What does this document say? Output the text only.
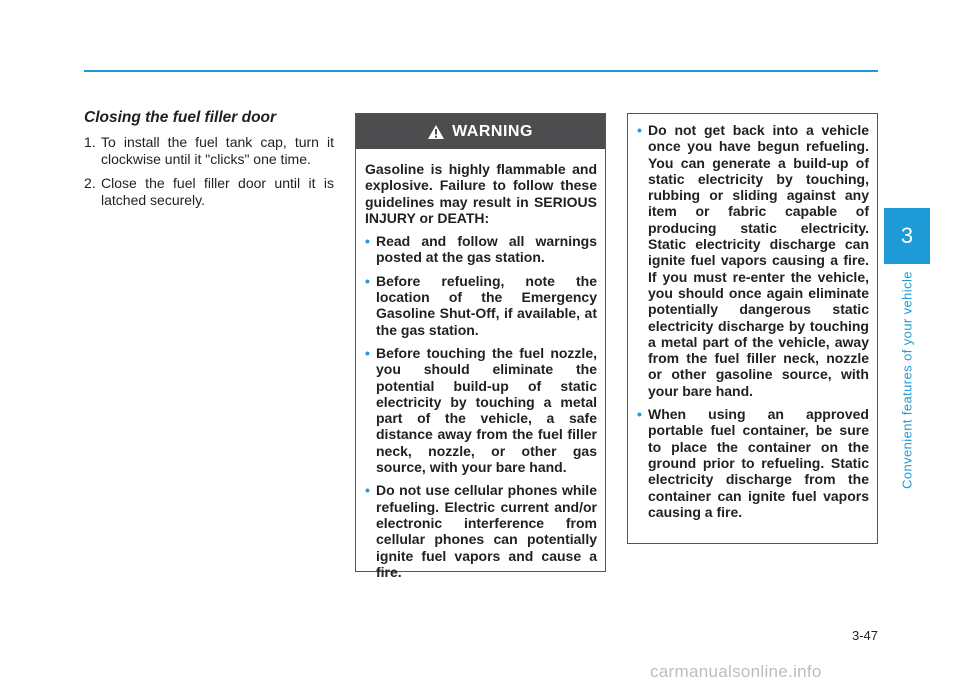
Closing the fuel filler door
1. To install the fuel tank cap, turn it clockwise until it "clicks" one time.
2. Close the fuel filler door until it is latched securely.
WARNING

Gasoline is highly flammable and explosive. Failure to follow these guidelines may result in SERIOUS INJURY or DEATH:

• Read and follow all warnings posted at the gas station.
• Before refueling, note the location of the Emergency Gasoline Shut-Off, if available, at the gas station.
• Before touching the fuel nozzle, you should eliminate the potential build-up of static electricity by touching a metal part of the vehicle, a safe distance away from the fuel filler neck, nozzle, or other gas source, with your bare hand.
• Do not use cellular phones while refueling. Electric current and/or electronic interference from cellular phones can potentially ignite fuel vapors and cause a fire.
• Do not get back into a vehicle once you have begun refueling. You can generate a build-up of static electricity by touching, rubbing or sliding against any item or fabric capable of producing static electricity. Static electricity discharge can ignite fuel vapors causing a fire. If you must re-enter the vehicle, you should once again eliminate potentially dangerous static electricity discharge by touching a metal part of the vehicle, away from the fuel filler neck, nozzle or other gasoline source, with your bare hand.
• When using an approved portable fuel container, be sure to place the container on the ground prior to refueling. Static electricity discharge from the container can ignite fuel vapors causing a fire.
3
Convenient features of your vehicle
3-47
carmanualsonline.info
